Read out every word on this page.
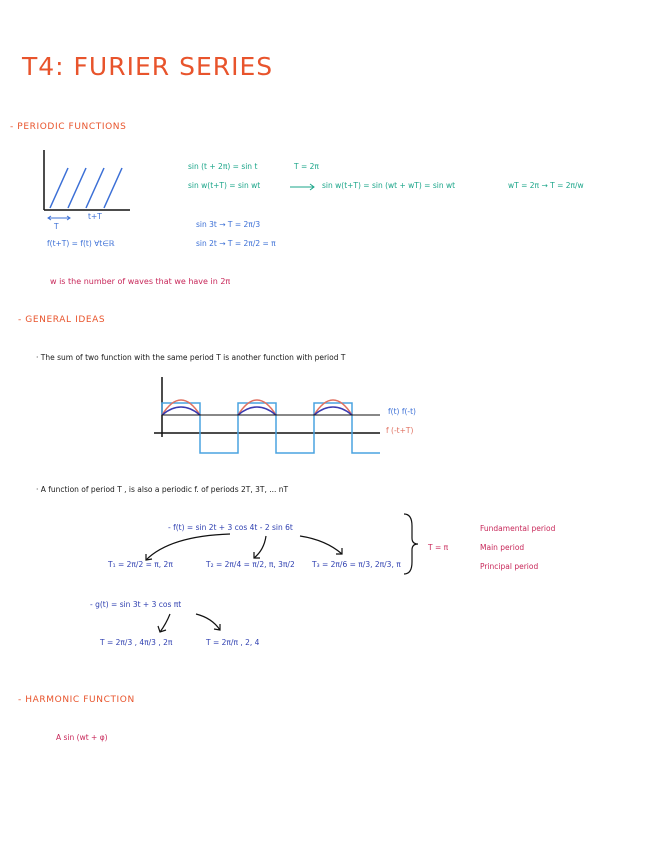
T4: FURIER SERIES
- PERIODIC FUNCTIONS
T
t+T
f(t+T) = f(t) ∀t∈ℝ
sin (t + 2π) = sin t	T = 2π
sin w(t+T) = sin wt	sin w(t+T) = sin (wt + wT) = sin wt	wT = 2π → T = 2π/w
sin 3t → T = 2π/3
sin 2t → T = 2π/2 = π
w is the number of waves that we have in 2π
- GENERAL IDEAS
· The sum of two function with the same period T is another function with period T
f(t) f(-t)
f (-t+T)
· A function of period T , is also a periodic f. of periods 2T, 3T, ... nT
- f(t) = sin 2t + 3 cos 4t - 2 sin 6t
T₁ = 2π/2 = π, 2π	T₂ = 2π/4 = π/2, π, 3π/2 T₃ = 2π/6 = π/3, 2π/3, π
T = π
Fundamental period
Main period
Principal period
- g(t) = sin 3t + 3 cos πt
T = 2π/3 , 4π/3 , 2π	T = 2π/π , 2, 4
- HARMONIC FUNCTION
A sin (wt + φ)
